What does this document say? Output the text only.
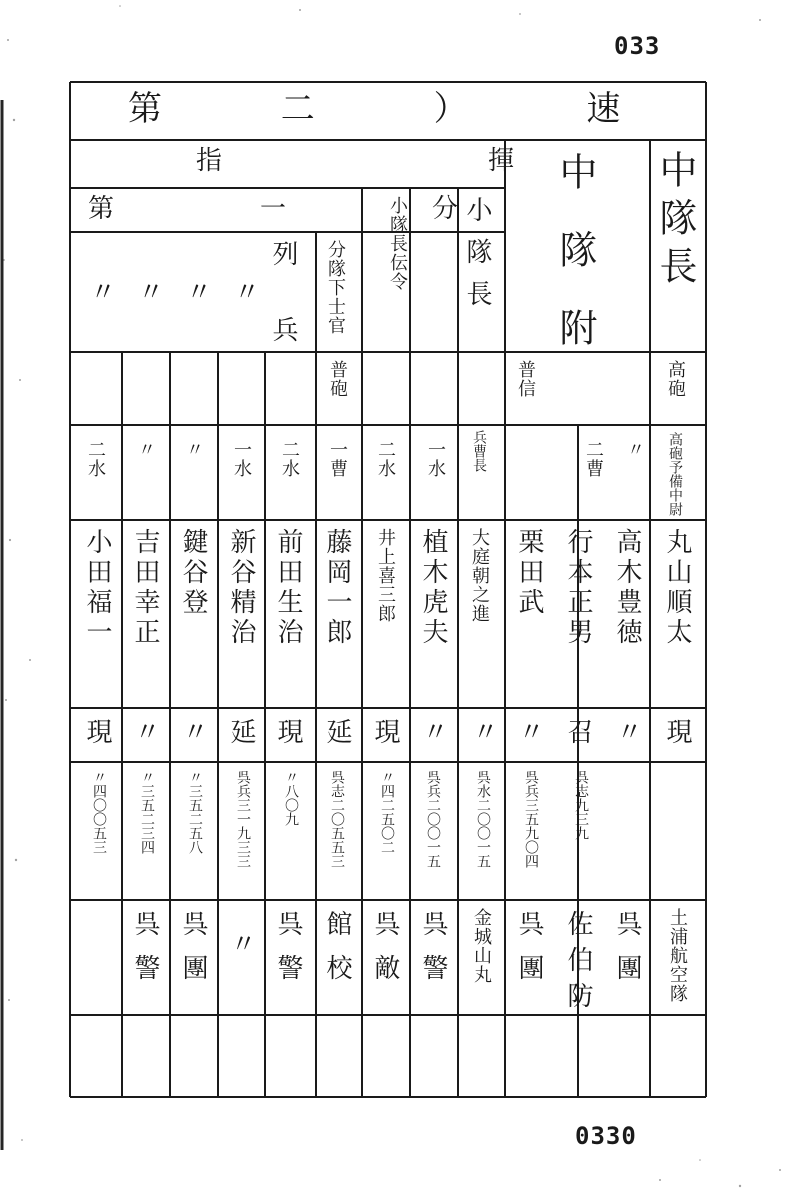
033
0330
第 二 ） 速
指　揮
第　一　分	中隊長
中隊附
小隊長
小隊長伝令
分隊下士官
列　兵
〃〃〃〃
高砲
普信
普砲
高砲予備中尉
〃
二曹
兵曹長
一水
二水
一曹
二水
一水
〃
〃
二水
丸山順太
高木豊徳
行本正男
栗田武
大庭朝之進
植木虎夫
井上喜三郎
藤岡一郎
前田生治
新谷精治
鍵谷登
吉田幸正
小田福一
現
〃
召
〃
〃
〃
現
延
現
延
〃
〃
現
呉志九三九
呉兵三五九〇四
呉水二〇〇一五
呉兵二〇〇一五
〃四二五〇二
呉志二〇五五三
〃八〇九
呉兵三一九三三
〃三五二五八
〃三五二三四
〃四〇〇五三
土浦航空隊
呉團
佐伯防
呉團
金城山丸
呉警
呉敵
館校
呉警
〃
呉團
呉警
